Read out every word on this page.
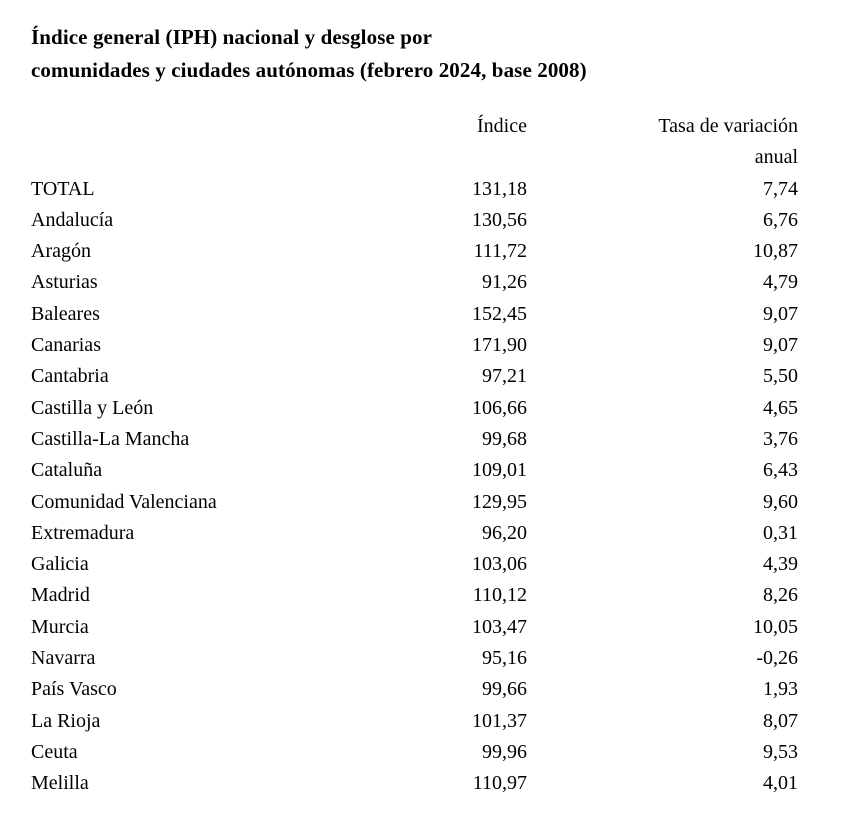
Índice general (IPH) nacional y desglose por
comunidades y ciudades autónomas (febrero 2024, base 2008)
	Índice	Tasa de variación
		anual
TOTAL	131,18	7,74
Andalucía	130,56	6,76
Aragón	111,72	10,87
Asturias	91,26	4,79
Baleares	152,45	9,07
Canarias	171,90	9,07
Cantabria	97,21	5,50
Castilla y León	106,66	4,65
Castilla-La Mancha	99,68	3,76
Cataluña	109,01	6,43
Comunidad Valenciana	129,95	9,60
Extremadura	96,20	0,31
Galicia	103,06	4,39
Madrid	110,12	8,26
Murcia	103,47	10,05
Navarra	95,16	-0,26
País Vasco	99,66	1,93
La Rioja	101,37	8,07
Ceuta	99,96	9,53
Melilla	110,97	4,01
